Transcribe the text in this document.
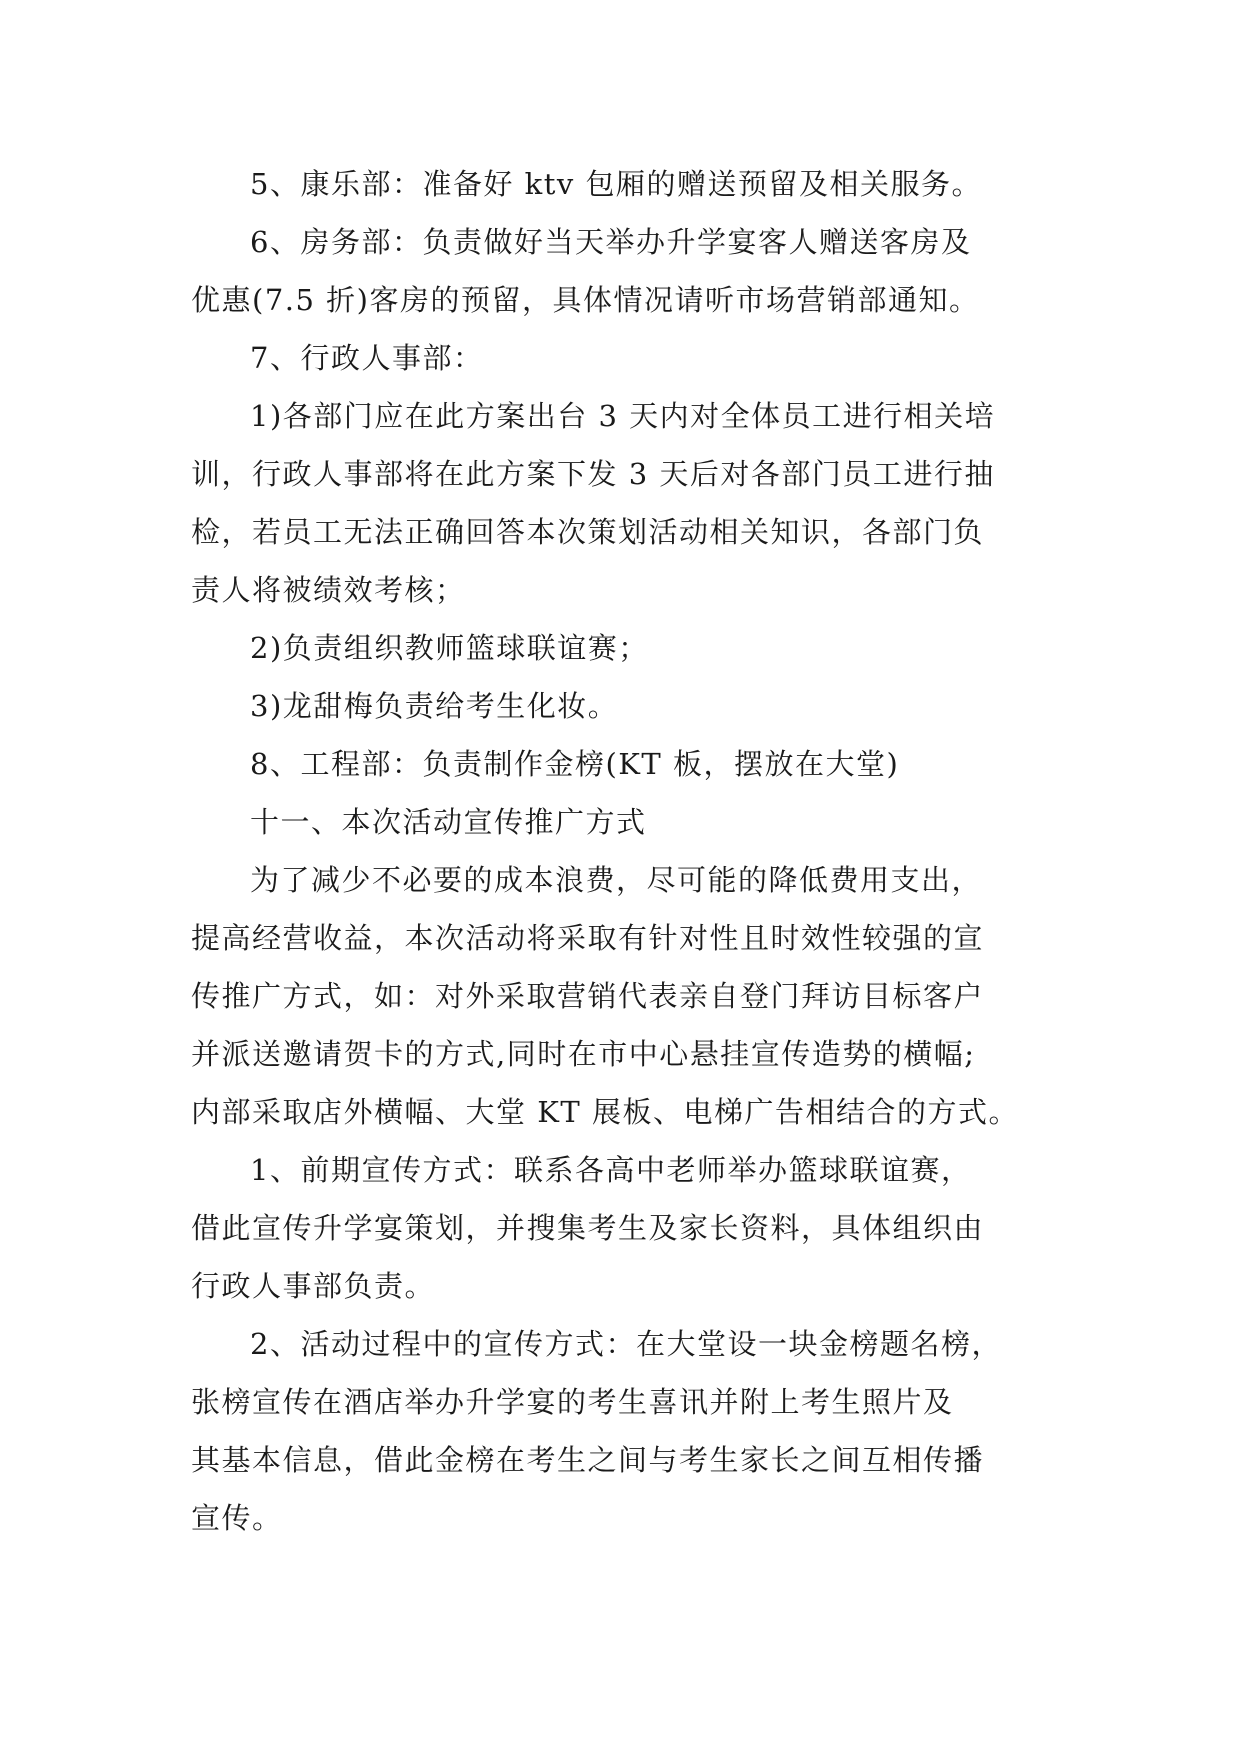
5、康乐部：准备好 ktv 包厢的赠送预留及相关服务。

6、房务部：负责做好当天举办升学宴客人赠送客房及

优惠(7.5 折)客房的预留，具体情况请听市场营销部通知。

7、行政人事部：

1)各部门应在此方案出台 3 天内对全体员工进行相关培

训，行政人事部将在此方案下发 3 天后对各部门员工进行抽

检，若员工无法正确回答本次策划活动相关知识，各部门负

责人将被绩效考核；

2)负责组织教师篮球联谊赛；

3)龙甜梅负责给考生化妆。

8、工程部：负责制作金榜(KT 板，摆放在大堂)

十一、本次活动宣传推广方式

为了减少不必要的成本浪费，尽可能的降低费用支出，

提高经营收益，本次活动将采取有针对性且时效性较强的宣

传推广方式，如：对外采取营销代表亲自登门拜访目标客户

并派送邀请贺卡的方式,同时在市中心悬挂宣传造势的横幅;

内部采取店外横幅、大堂 KT 展板、电梯广告相结合的方式。

1、前期宣传方式：联系各高中老师举办篮球联谊赛，

借此宣传升学宴策划，并搜集考生及家长资料，具体组织由

行政人事部负责。

2、活动过程中的宣传方式：在大堂设一块金榜题名榜，

张榜宣传在酒店举办升学宴的考生喜讯并附上考生照片及

其基本信息，借此金榜在考生之间与考生家长之间互相传播

宣传。
